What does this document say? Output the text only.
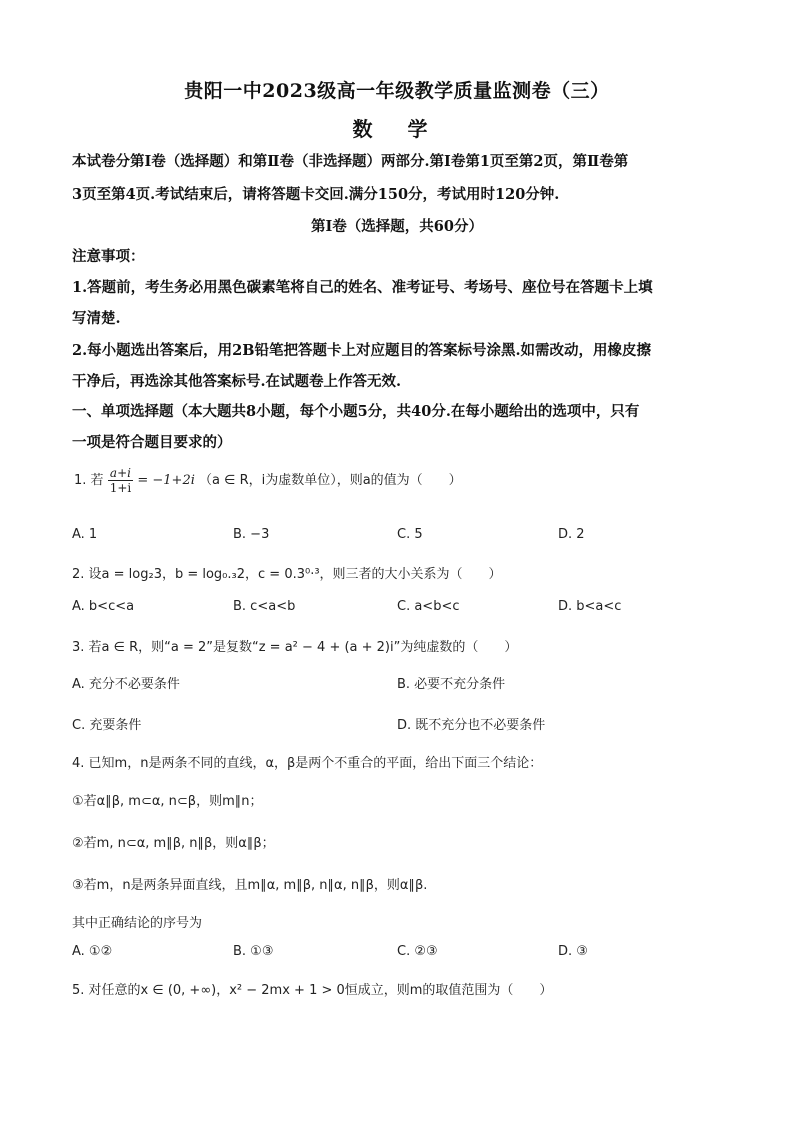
贵阳一中2023级高一年级教学质量监测卷（三）
数 学
本试卷分第Ⅰ卷（选择题）和第Ⅱ卷（非选择题）两部分.第Ⅰ卷第1页至第2页，第Ⅱ卷第
3页至第4页.考试结束后，请将答题卡交回.满分150分，考试用时120分钟.
第Ⅰ卷（选择题，共60分）
注意事项：
1.答题前，考生务必用黑色碳素笔将自己的姓名、准考证号、考场号、座位号在答题卡上填
写清楚.
2.每小题选出答案后，用2B铅笔把答题卡上对应题目的答案标号涂黑.如需改动，用橡皮擦
干净后，再选涂其他答案标号.在试题卷上作答无效.
一、单项选择题（本大题共8小题，每个小题5分，共40分.在每小题给出的选项中，只有
一项是符合题目要求的）
1. 若 $\frac{a+i}{1+i} = -1+2i$ （a ∈ R，i为虚数单位），则a的值为（　　）
A. 1	B. −3	C. 5	D. 2
2. 设a = log₂3，b = log₀.₃2，c = 0.3⁰·³，则三者的大小关系为（　　）
A. b<c<a	B. c<a<b	C. a<b<c	D. b<a<c
3. 若a ∈ R，则“a = 2”是复数“z = a² − 4 + (a + 2)i”为纯虚数的（　　）
A. 充分不必要条件	B. 必要不充分条件
C. 充要条件	D. 既不充分也不必要条件
4. 已知m，n是两条不同的直线，α，β是两个不重合的平面，给出下面三个结论：
①若α∥β, m⊂α, n⊂β，则m∥n；
②若m, n⊂α, m∥β, n∥β，则α∥β；
③若m，n是两条异面直线，且m∥α, m∥β, n∥α, n∥β，则α∥β.
其中正确结论的序号为
A. ①②	B. ①③	C. ②③	D. ③
5. 对任意的x ∈ (0, +∞)，x² − 2mx + 1 > 0恒成立，则m的取值范围为（　　）
